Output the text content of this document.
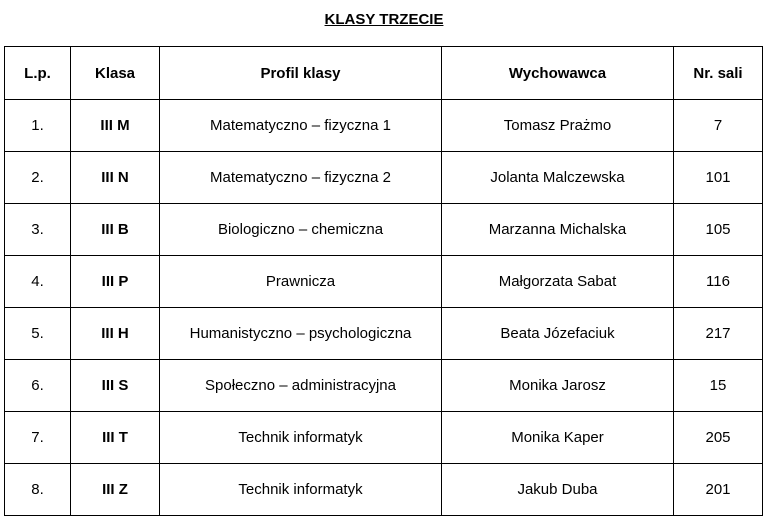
KLASY TRZECIE
L.p.	Klasa	Profil klasy	Wychowawca	Nr. sali
1.	III M	Matematyczno – fizyczna 1	Tomasz Prażmo	7
2.	III N	Matematyczno – fizyczna 2	Jolanta Malczewska	101
3.	III B	Biologiczno – chemiczna	Marzanna Michalska	105
4.	III P	Prawnicza	Małgorzata Sabat	116
5.	III H	Humanistyczno – psychologiczna	Beata Józefaciuk	217
6.	III S	Społeczno – administracyjna	Monika Jarosz	15
7.	III T	Technik informatyk	Monika Kaper	205
8.	III Z	Technik informatyk	Jakub Duba	201
